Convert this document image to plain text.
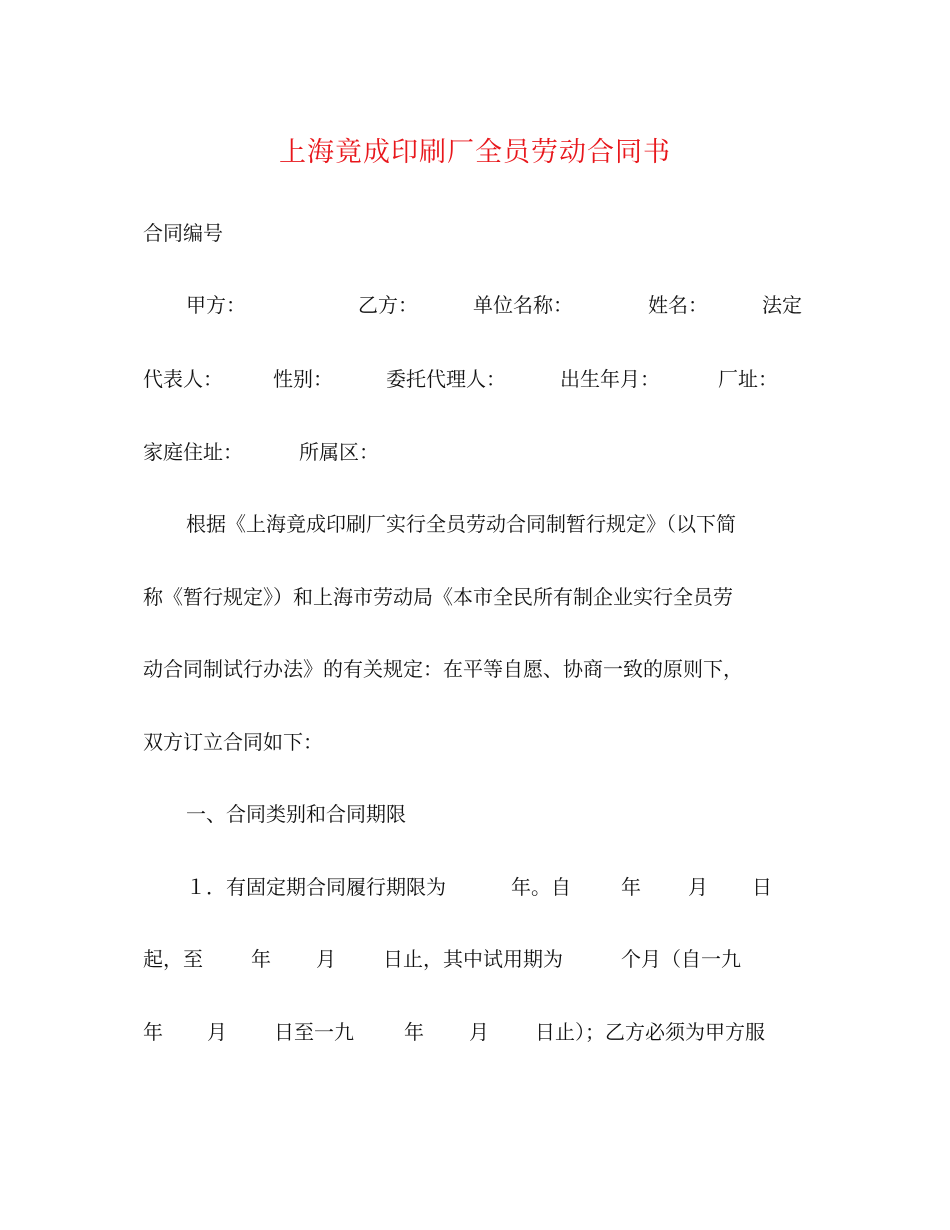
上海竟成印刷厂全员劳动合同书
合同编号
甲方：	乙方：	单位名称：	姓名：	法定
代表人：	性别：	委托代理人：	出生年月：	厂址：
家庭住址：	所属区：
根据《上海竟成印刷厂实行全员劳动合同制暂行规定》（以下简
称《暂行规定》）和上海市劳动局《本市全民所有制企业实行全员劳
动合同制试行办法》的有关规定：在平等自愿、协商一致的原则下，
双方订立合同如下：
一、合同类别和合同期限
１．有固定期合同履行期限为	年。自	年 月 日
起，至 年 月 日止，其中试用期为	个月（自一九
年 月 日至一九	年 月 日止）；乙方必须为甲方服
